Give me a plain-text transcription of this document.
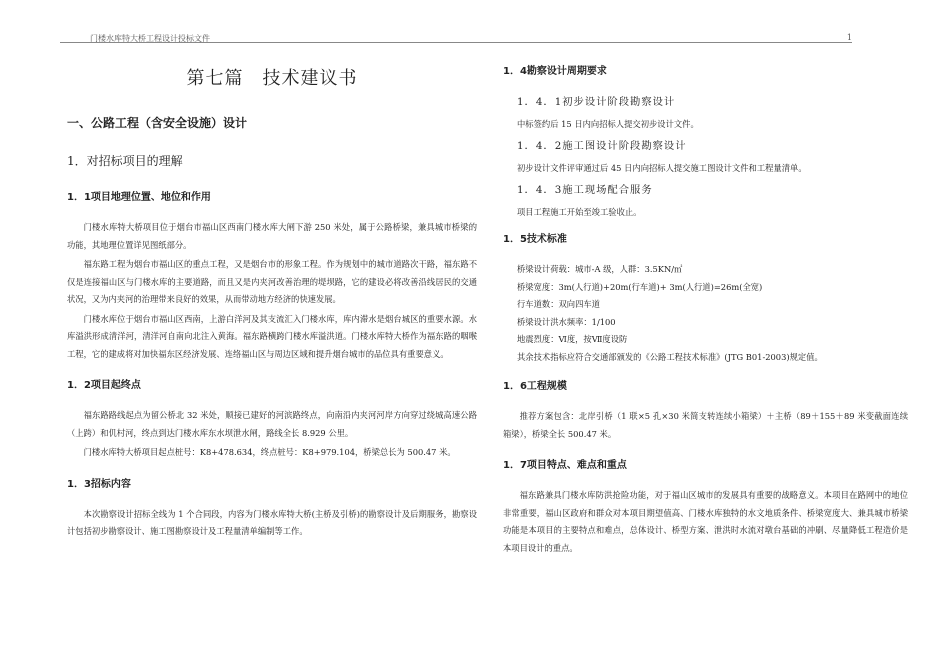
门楼水库特大桥工程设计投标文件	1
第七篇　技术建议书
一、公路工程（含安全设施）设计
1．对招标项目的理解
1．1项目地理位置、地位和作用

门楼水库特大桥项目位于烟台市福山区西南门楼水库大闸下游 250 米处，属于公路桥梁，兼具城市桥梁的功能，其地理位置详见图纸部分。

福东路工程为烟台市福山区的重点工程，又是烟台市的形象工程。作为规划中的城市道路次干路，福东路不仅是连接福山区与门楼水库的主要道路，而且又是内夹河改善治理的堤坝路，它的建设必将改善沿线居民的交通状况，又为内夹河的治理带来良好的效果，从而带动地方经济的快速发展。

门楼水库位于烟台市福山区西南，上游白洋河及其支流汇入门楼水库，库内滞水是烟台城区的重要水源。水库溢洪形成清洋河，清洋河自南向北注入黄海。福东路横跨门楼水库溢洪道。门楼水库特大桥作为福东路的咽喉工程，它的建成将对加快福东区经济发展、连络福山区与周边区域和提升烟台城市的品位具有重要意义。

1．2项目起终点

福东路路线起点为留公桥北 32 米处，顺接已建好的河滨路终点，向南沿内夹河河岸方向穿过绕城高速公路（上跨）和仉村河，终点到达门楼水库东水坝泄水闸，路线全长 8.929 公里。

门楼水库特大桥项目起点桩号：K8+478.634，终点桩号：K8+979.104，桥梁总长为 500.47 米。

1．3招标内容

本次勘察设计招标全线为 1 个合同段，内容为门楼水库特大桥(主桥及引桥)的勘察设计及后期服务，勘察设计包括初步勘察设计、施工图勘察设计及工程量清单编制等工作。

1．4勘察设计周期要求
1．4．1初步设计阶段勘察设计
中标签约后 15 日内向招标人提交初步设计文件。
1．4．2施工图设计阶段勘察设计
初步设计文件评审通过后 45 日内向招标人提交施工图设计文件和工程量清单。
1．4．3施工现场配合服务
项目工程施工开始至竣工验收止。
1．5技术标准
桥梁设计荷载：城市-A 级，人群：3.5KN/㎡
桥梁宽度：3m(人行道)+20m(行车道)+ 3m(人行道)=26m(全宽)
行车道数：双向四车道
桥梁设计洪水频率：1/100
地震烈度：Ⅵ度，按Ⅶ度设防
其余技术指标应符合交通部颁发的《公路工程技术标准》(JTG B01-2003)规定值。
1．6工程规模

推荐方案包含：北岸引桥（1 联×5 孔×30 米简支转连续小箱梁）＋主桥（89＋155＋89 米变截面连续箱梁），桥梁全长 500.47 米。

1．7项目特点、难点和重点

福东路兼具门楼水库防洪抢险功能，对于福山区城市的发展具有重要的战略意义。本项目在路网中的地位非常重要，福山区政府和群众对本项目期望值高、门楼水库独特的水文地质条件、桥梁宽度大、兼具城市桥梁功能是本项目的主要特点和难点，总体设计、桥型方案、泄洪时水流对墩台基础的冲刷、尽量降低工程造价是本项目设计的重点。
